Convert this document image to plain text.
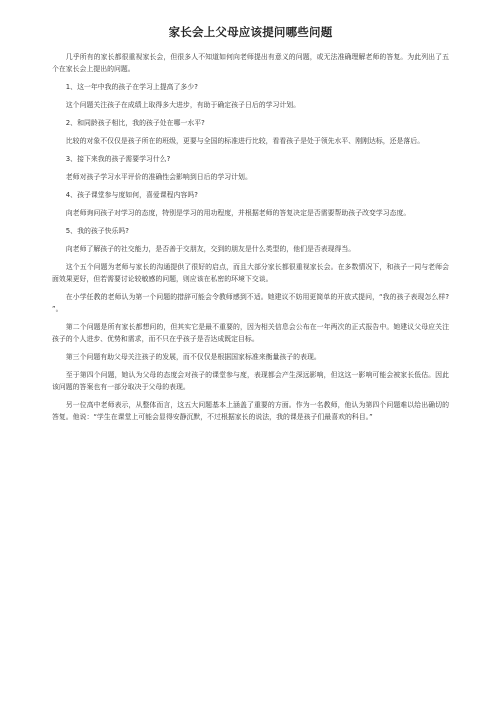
家长会上父母应该提问哪些问题

几乎所有的家长都很重视家长会，但很多人不知道如何向老师提出有意义的问题，或无法准确理解老师的答复。为此列出了五个在家长会上提出的问题。

1、这一年中我的孩子在学习上提高了多少?

这个问题关注孩子在成绩上取得多大进步，有助于确定孩子日后的学习计划。

2、和同龄孩子相比，我的孩子处在哪一水平?

比较的对象不仅仅是孩子所在的班级，更要与全国的标准进行比较，看看孩子是处于领先水平、刚刚达标，还是落后。

3、接下来我的孩子需要学习什么?

老师对孩子学习水平评价的准确性会影响到日后的学习计划。

4、孩子课堂参与度如何，喜爱课程内容吗?

向老师询问孩子对学习的态度，特别是学习的用功程度，并根据老师的答复决定是否需要帮助孩子改变学习态度。

5、我的孩子快乐吗?

向老师了解孩子的社交能力，是否善于交朋友，交到的朋友是什么类型的，他们是否表现得当。

这个五个问题为老师与家长的沟通提供了很好的启点，而且大部分家长都很重视家长会。在多数情况下，和孩子一同与老师会面效果更好，但若需要讨论较敏感的问题，则应该在私密的环境下交谈。

在小学任教的老师认为第一个问题的措辞可能会令教师感到不适。她建议不妨用更简单的开放式提问，“我的孩子表现怎么样? ”。

第二个问题是所有家长都想问的，但其实它是最不重要的，因为相关信息会公布在一年两次的正式报告中。她建议父母应关注孩子的个人进步、优势和需求，而不只在乎孩子是否达成既定目标。

第三个问题有助父母关注孩子的发展，而不仅仅是根据国家标准来衡量孩子的表现。

至于第四个问题，她认为父母的态度会对孩子的课堂参与度，表现都会产生深远影响，但这这一影响可能会被家长低估。因此该问题的答案也有一部分取决于父母的表现。

另一位高中老师表示，从整体而言，这五大问题基本上涵盖了重要的方面。作为一名教师，他认为第四个问题难以给出确切的答复。他说：“学生在课堂上可能会显得安静沉默，不过根据家长的说法，我的课是孩子们最喜欢的科目。”
